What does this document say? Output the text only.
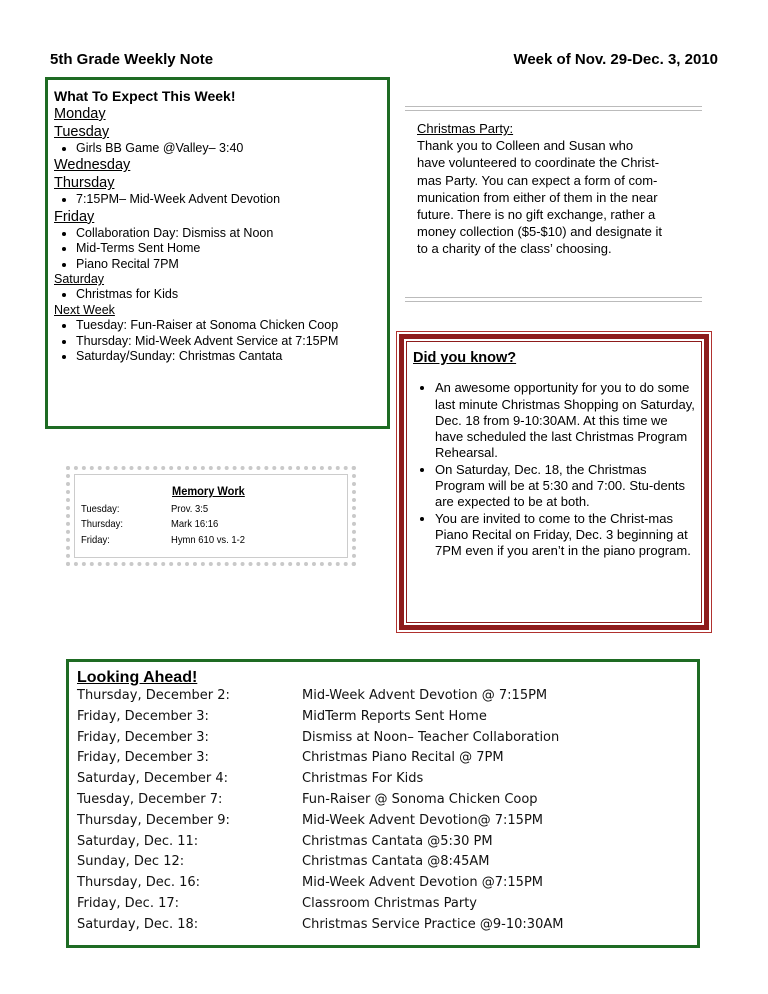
5th Grade Weekly Note	Week of Nov. 29-Dec. 3, 2010
What To Expect This Week!
Monday
Tuesday
• Girls BB Game @Valley– 3:40
Wednesday
Thursday
• 7:15PM– Mid-Week Advent Devotion
Friday
• Collaboration Day: Dismiss at Noon
• Mid-Terms Sent Home
• Piano Recital 7PM
Saturday
• Christmas for Kids
Next Week
• Tuesday: Fun-Raiser at Sonoma Chicken Coop
• Thursday: Mid-Week Advent Service at 7:15PM
• Saturday/Sunday: Christmas Cantata
Christmas Party:
Thank you to Colleen and Susan who
have volunteered to coordinate the Christ-
mas Party. You can expect a form of com-
munication from either of them in the near
future. There is no gift exchange, rather a
money collection ($5-$10) and designate it
to a charity of the class’ choosing.
Did you know?
• An awesome opportunity for you to do some last minute Christmas Shopping on Saturday, Dec. 18 from 9-10:30AM. At this time we have scheduled the last Christmas Program Rehearsal.
• On Saturday, Dec. 18, the Christmas Program will be at 5:30 and 7:00. Stu-dents are expected to be at both.
• You are invited to come to the Christ-mas Piano Recital on Friday, Dec. 3 beginning at 7PM even if you aren’t in the piano program.
Memory Work
Tuesday:	Prov. 3:5
Thursday:	Mark 16:16
Friday:	Hymn 610 vs. 1-2
Looking Ahead!
Thursday, December 2:	Mid-Week Advent Devotion @ 7:15PM
Friday, December 3:	MidTerm Reports Sent Home
Friday, December 3:	Dismiss at Noon– Teacher Collaboration
Friday, December 3:	Christmas Piano Recital @ 7PM
Saturday, December 4:	Christmas For Kids
Tuesday, December 7:	Fun-Raiser @ Sonoma Chicken Coop
Thursday, December 9:	Mid-Week Advent Devotion@ 7:15PM
Saturday, Dec. 11:	Christmas Cantata @5:30 PM
Sunday, Dec 12:	Christmas Cantata @8:45AM
Thursday, Dec. 16:	Mid-Week Advent Devotion @7:15PM
Friday, Dec. 17:	Classroom Christmas Party
Saturday, Dec. 18:	Christmas Service Practice @9-10:30AM
